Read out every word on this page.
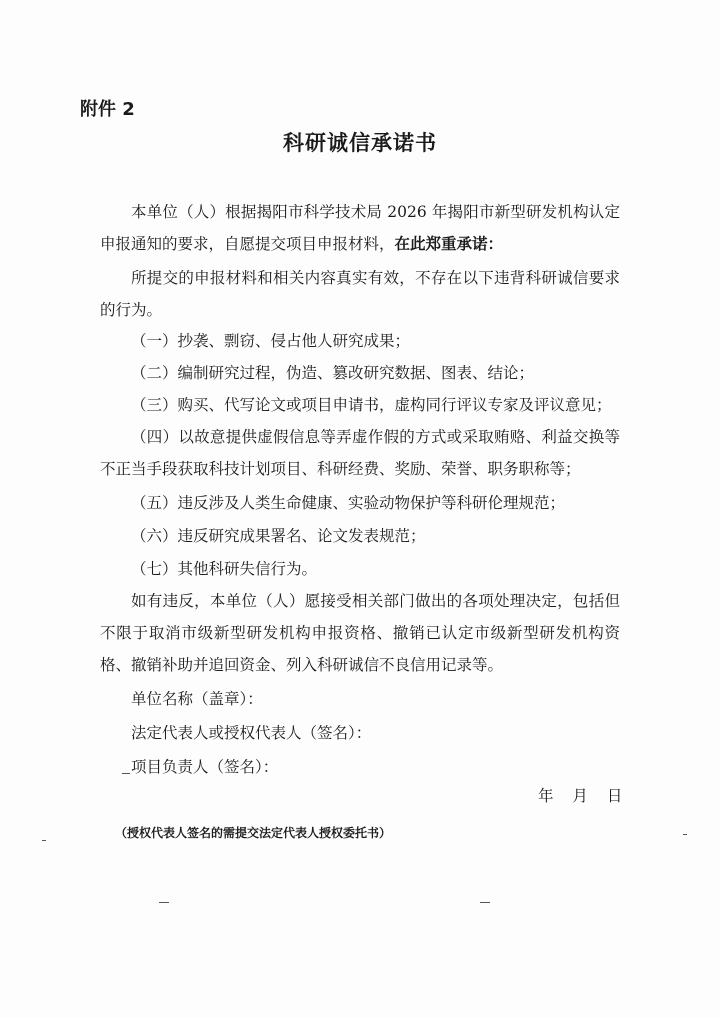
附件 2
科研诚信承诺书
本单位（人）根据揭阳市科学技术局 2026 年揭阳市新型研发机构认定申报通知的要求，自愿提交项目申报材料，在此郑重承诺：
所提交的申报材料和相关内容真实有效，不存在以下违背科研诚信要求的行为。
（一）抄袭、剽窃、侵占他人研究成果；
（二）编制研究过程，伪造、篡改研究数据、图表、结论；
（三）购买、代写论文或项目申请书，虚构同行评议专家及评议意见；
（四）以故意提供虚假信息等弄虚作假的方式或采取贿赂、利益交换等不正当手段获取科技计划项目、科研经费、奖励、荣誉、职务职称等；
（五）违反涉及人类生命健康、实验动物保护等科研伦理规范；
（六）违反研究成果署名、论文发表规范；
（七）其他科研失信行为。
如有违反，本单位（人）愿接受相关部门做出的各项处理决定，包括但不限于取消市级新型研发机构申报资格、撤销已认定市级新型研发机构资格、撤销补助并追回资金、列入科研诚信不良信用记录等。
单位名称（盖章）：
法定代表人或授权代表人（签名）：
项目负责人（签名）：
年 月 日
（授权代表人签名的需提交法定代表人授权委托书）
